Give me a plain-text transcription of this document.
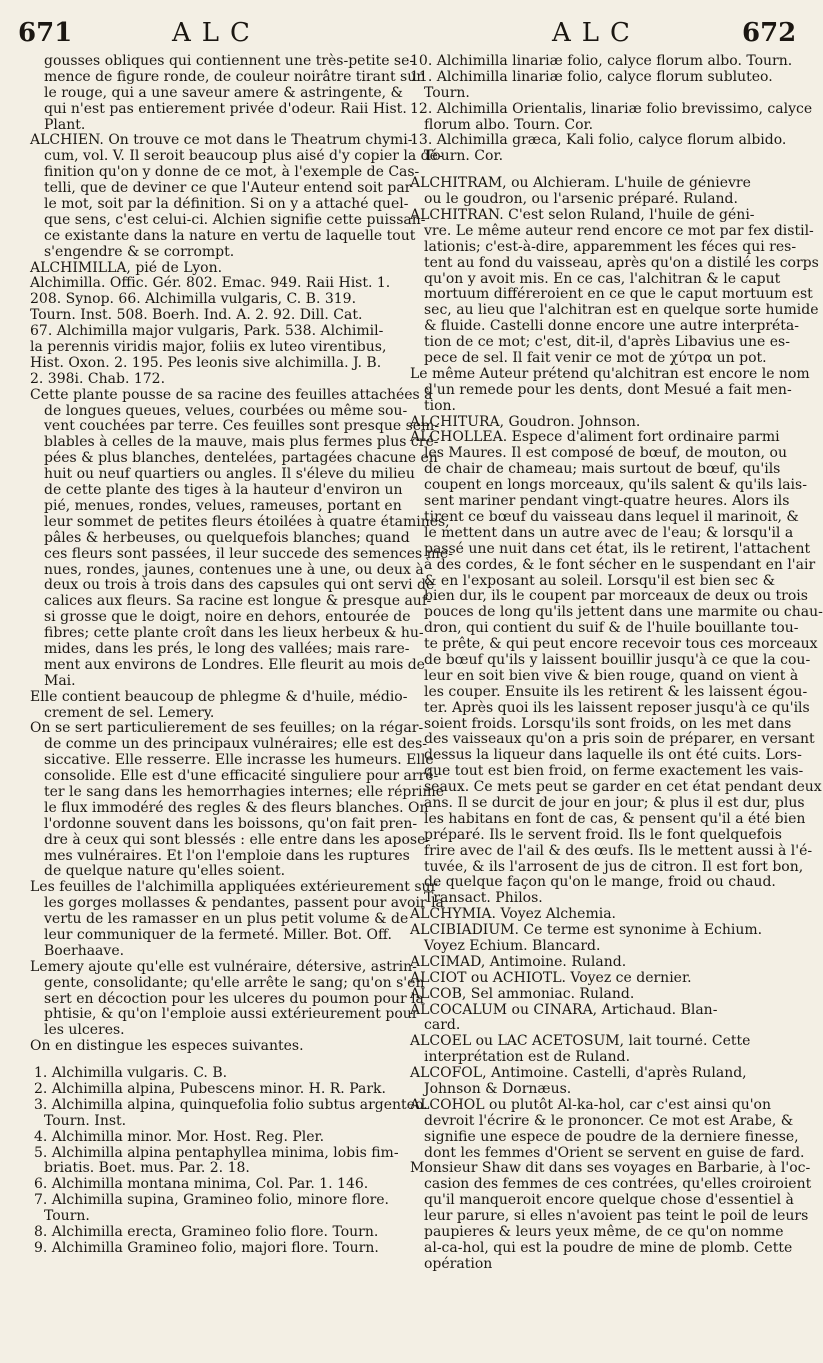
671	ALC	ALC	672
gousses obliques qui contiennent une très-petite se-
mence de figure ronde, de couleur noirâtre tirant sur
le rouge, qui a une saveur amere & astringente, &
qui n'est pas entierement privée d'odeur. Raii Hist.
Plant.
ALCHIEN. On trouve ce mot dans le Theatrum chymi-
cum, vol. V. Il seroit beaucoup plus aisé d'y copier la dé-
finition qu'on y donne de ce mot, à l'exemple de Cas-
telli, que de deviner ce que l'Auteur entend soit par
le mot, soit par la définition. Si on y a attaché quel-
que sens, c'est celui-ci. Alchien signifie cette puissan-
ce existante dans la nature en vertu de laquelle tout
s'engendre & se corrompt.
ALCHIMILLA, pié de Lyon.
Alchimilla. Offic. Gér. 802. Emac. 949. Raii Hist. 1.
208. Synop. 66. Alchimilla vulgaris, C. B. 319.
Tourn. Inst. 508. Boerh. Ind. A. 2. 92. Dill. Cat.
67. Alchimilla major vulgaris, Park. 538. Alchimil-
la perennis viridis major, foliis ex luteo virentibus,
Hist. Oxon. 2. 195. Pes leonis sive alchimilla. J. B.
2. 398i. Chab. 172.
Cette plante pousse de sa racine des feuilles attachées à
de longues queues, velues, courbées ou même sou-
vent couchées par terre. Ces feuilles sont presque sem-
blables à celles de la mauve, mais plus fermes plus cré-
pées & plus blanches, dentelées, partagées chacune en
huit ou neuf quartiers ou angles. Il s'éleve du milieu
de cette plante des tiges à la hauteur d'environ un
pié, menues, rondes, velues, rameuses, portant en
leur sommet de petites fleurs étoilées à quatre étamines,
pâles & herbeuses, ou quelquefois blanches; quand
ces fleurs sont passées, il leur succede des semences me-
nues, rondes, jaunes, contenues une à une, ou deux à
deux ou trois à trois dans des capsules qui ont servi de
calices aux fleurs. Sa racine est longue & presque auf-
si grosse que le doigt, noire en dehors, entourée de
fibres; cette plante croît dans les lieux herbeux & hu-
mides, dans les prés, le long des vallées; mais rare-
ment aux environs de Londres. Elle fleurit au mois de
Mai.
Elle contient beaucoup de phlegme & d'huile, médio-
crement de sel. Lemery.
On se sert particulierement de ses feuilles; on la régar-
de comme un des principaux vulnéraires; elle est des-
siccative. Elle resserre. Elle incrasse les humeurs. Elle
consolide. Elle est d'une efficacité singuliere pour arrê-
ter le sang dans les hemorrhagies internes; elle réprime
le flux immodéré des regles & des fleurs blanches. On
l'ordonne souvent dans les boissons, qu'on fait pren-
dre à ceux qui sont blessés : elle entre dans les apose-
mes vulnéraires. Et l'on l'emploie dans les ruptures
de quelque nature qu'elles soient.
Les feuilles de l'alchimilla appliquées extérieurement sur
les gorges mollasses & pendantes, passent pour avoir la
vertu de les ramasser en un plus petit volume & de
leur communiquer de la fermeté. Miller. Bot. Off.
Boerhaave.
Lemery ajoute qu'elle est vulnéraire, détersive, astrin-
gente, consolidante; qu'elle arrête le sang; qu'on s'en
sert en décoction pour les ulceres du poumon pour la
phtisie, & qu'on l'emploie aussi extérieurement pour
les ulceres.
On en distingue les especes suivantes.
1. Alchimilla vulgaris. C. B.
2. Alchimilla alpina, Pubescens minor. H. R. Park.
3. Alchimilla alpina, quinquefolia folio subtus argenteo.
Tourn. Inst.
4. Alchimilla minor. Mor. Host. Reg. Pler.
5. Alchimilla alpina pentaphyllea minima, lobis fim-
briatis. Boet. mus. Par. 2. 18.
6. Alchimilla montana minima, Col. Par. 1. 146.
7. Alchimilla supina, Gramineo folio, minore flore.
Tourn.
8. Alchimilla erecta, Gramineo folio flore. Tourn.
9. Alchimilla Gramineo folio, majori flore. Tourn.
10. Alchimilla linariæ folio, calyce florum albo. Tourn.
11. Alchimilla linariæ folio, calyce florum subluteo.
Tourn.
12. Alchimilla Orientalis, linariæ folio brevissimo, calyce
florum albo. Tourn. Cor.
13. Alchimilla græca, Kali folio, calyce florum albido.
Tourn. Cor.
ALCHITRAM, ou Alchieram. L'huile de génievre
ou le goudron, ou l'arsenic préparé. Ruland.
ALCHITRAN. C'est selon Ruland, l'huile de géni-
vre. Le même auteur rend encore ce mot par fex distil-
lationis; c'est-à-dire, apparemment les féces qui res-
tent au fond du vaisseau, après qu'on a distilé les corps
qu'on y avoit mis. En ce cas, l'alchitran & le caput
mortuum différeroient en ce que le caput mortuum est
sec, au lieu que l'alchitran est en quelque sorte humide
& fluide. Castelli donne encore une autre interpréta-
tion de ce mot; c'est, dit-il, d'après Libavius une es-
pece de sel. Il fait venir ce mot de χύτρα un pot.
Le même Auteur prétend qu'alchitran est encore le nom
d'un remede pour les dents, dont Mesué a fait men-
tion.
ALCHITURA, Goudron. Johnson.
ALCHOLLEA. Espece d'aliment fort ordinaire parmi
les Maures. Il est composé de bœuf, de mouton, ou
de chair de chameau; mais surtout de bœuf, qu'ils
coupent en longs morceaux, qu'ils salent & qu'ils lais-
sent mariner pendant vingt-quatre heures. Alors ils
tirent ce bœuf du vaisseau dans lequel il marinoit, &
le mettent dans un autre avec de l'eau; & lorsqu'il a
passé une nuit dans cet état, ils le retirent, l'attachent
à des cordes, & le font sécher en le suspendant en l'air
& en l'exposant au soleil. Lorsqu'il est bien sec &
bien dur, ils le coupent par morceaux de deux ou trois
pouces de long qu'ils jettent dans une marmite ou chau-
dron, qui contient du suif & de l'huile bouillante tou-
te prête, & qui peut encore recevoir tous ces morceaux
de bœuf qu'ils y laissent bouillir jusqu'à ce que la cou-
leur en soit bien vive & bien rouge, quand on vient à
les couper. Ensuite ils les retirent & les laissent égou-
ter. Après quoi ils les laissent reposer jusqu'à ce qu'ils
soient froids. Lorsqu'ils sont froids, on les met dans
des vaisseaux qu'on a pris soin de préparer, en versant
dessus la liqueur dans laquelle ils ont été cuits. Lors-
que tout est bien froid, on ferme exactement les vais-
seaux. Ce mets peut se garder en cet état pendant deux
ans. Il se durcit de jour en jour; & plus il est dur, plus
les habitans en font de cas, & pensent qu'il a été bien
préparé. Ils le servent froid. Ils le font quelquefois
frire avec de l'ail & des œufs. Ils le mettent aussi à l'é-
tuvée, & ils l'arrosent de jus de citron. Il est fort bon,
de quelque façon qu'on le mange, froid ou chaud.
Transact. Philos.
ALCHYMIA. Voyez Alchemia.
ALCIBIADIUM. Ce terme est synonime à Echium.
Voyez Echium. Blancard.
ALCIMAD, Antimoine. Ruland.
ALCIOT ou ACHIOTL. Voyez ce dernier.
ALCOB, Sel ammoniac. Ruland.
ALCOCALUM ou CINARA, Artichaud. Blan-
card.
ALCOEL ou LAC ACETOSUM, lait tourné. Cette
interprétation est de Ruland.
ALCOFOL, Antimoine. Castelli, d'après Ruland,
Johnson & Dornæus.
ALCOHOL ou plutôt Al-ka-hol, car c'est ainsi qu'on
devroit l'écrire & le prononcer. Ce mot est Arabe, &
signifie une espece de poudre de la derniere finesse,
dont les femmes d'Orient se servent en guise de fard.
Monsieur Shaw dit dans ses voyages en Barbarie, à l'oc-
casion des femmes de ces contrées, qu'elles croiroient
qu'il manqueroit encore quelque chose d'essentiel à
leur parure, si elles n'avoient pas teint le poil de leurs
paupieres & leurs yeux même, de ce qu'on nomme
al-ca-hol, qui est la poudre de mine de plomb. Cette
opération
